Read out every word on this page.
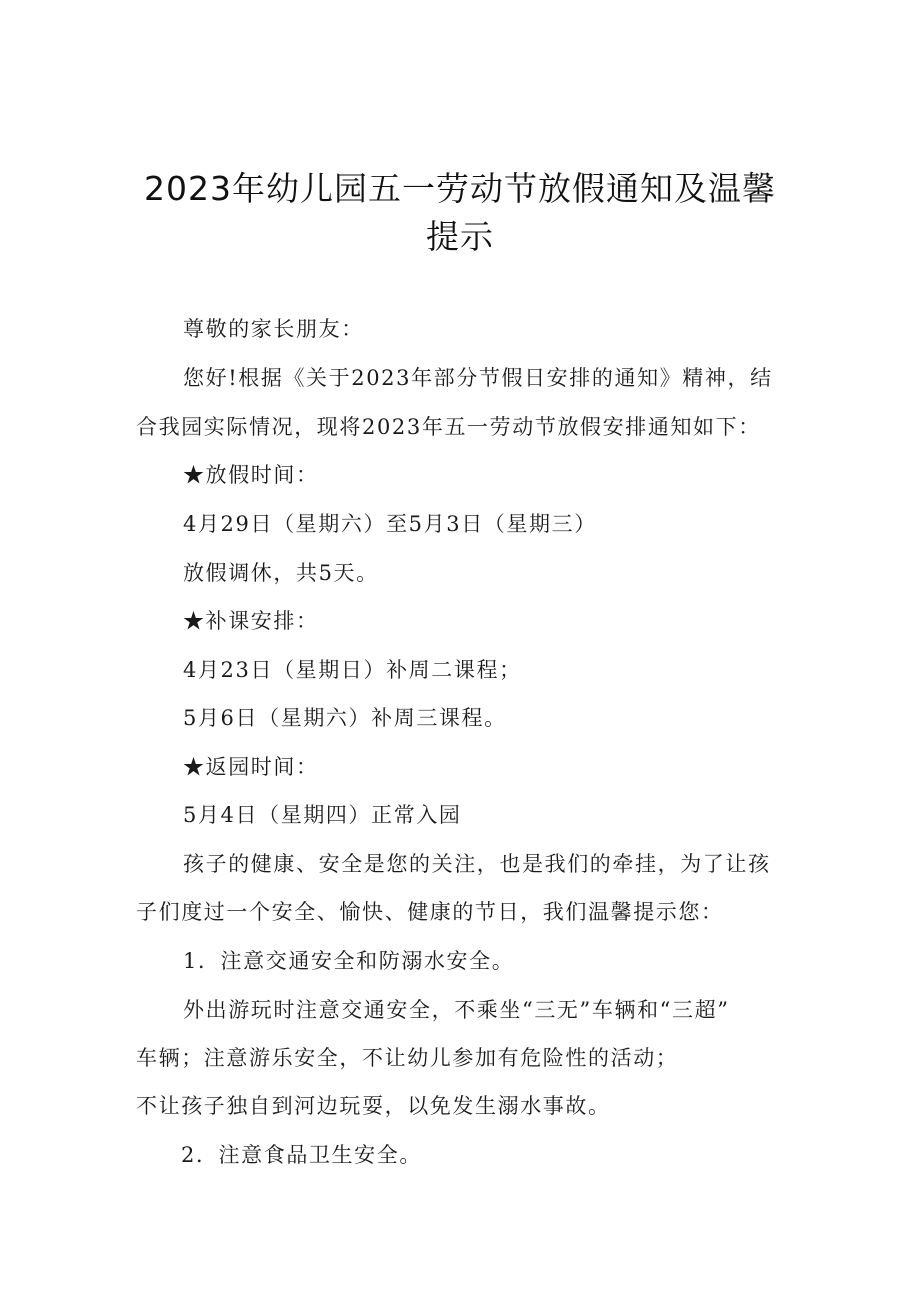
2023年幼儿园五一劳动节放假通知及温馨
提示

尊敬的家长朋友：

您好!根据《关于2023年部分节假日安排的通知》精神，结

合我园实际情况，现将2023年五一劳动节放假安排通知如下：

★放假时间：

4月29日（星期六）至5月3日（星期三）

放假调休，共5天。

★补课安排：

4月23日（星期日）补周二课程；

5月6日（星期六）补周三课程。

★返园时间：

5月4日（星期四）正常入园

孩子的健康、安全是您的关注，也是我们的牵挂，为了让孩

子们度过一个安全、愉快、健康的节日，我们温馨提示您：

1．注意交通安全和防溺水安全。

外出游玩时注意交通安全，不乘坐“三无”车辆和“三超”

车辆；注意游乐安全，不让幼儿参加有危险性的活动；

不让孩子独自到河边玩耍，以免发生溺水事故。

2．注意食品卫生安全。
